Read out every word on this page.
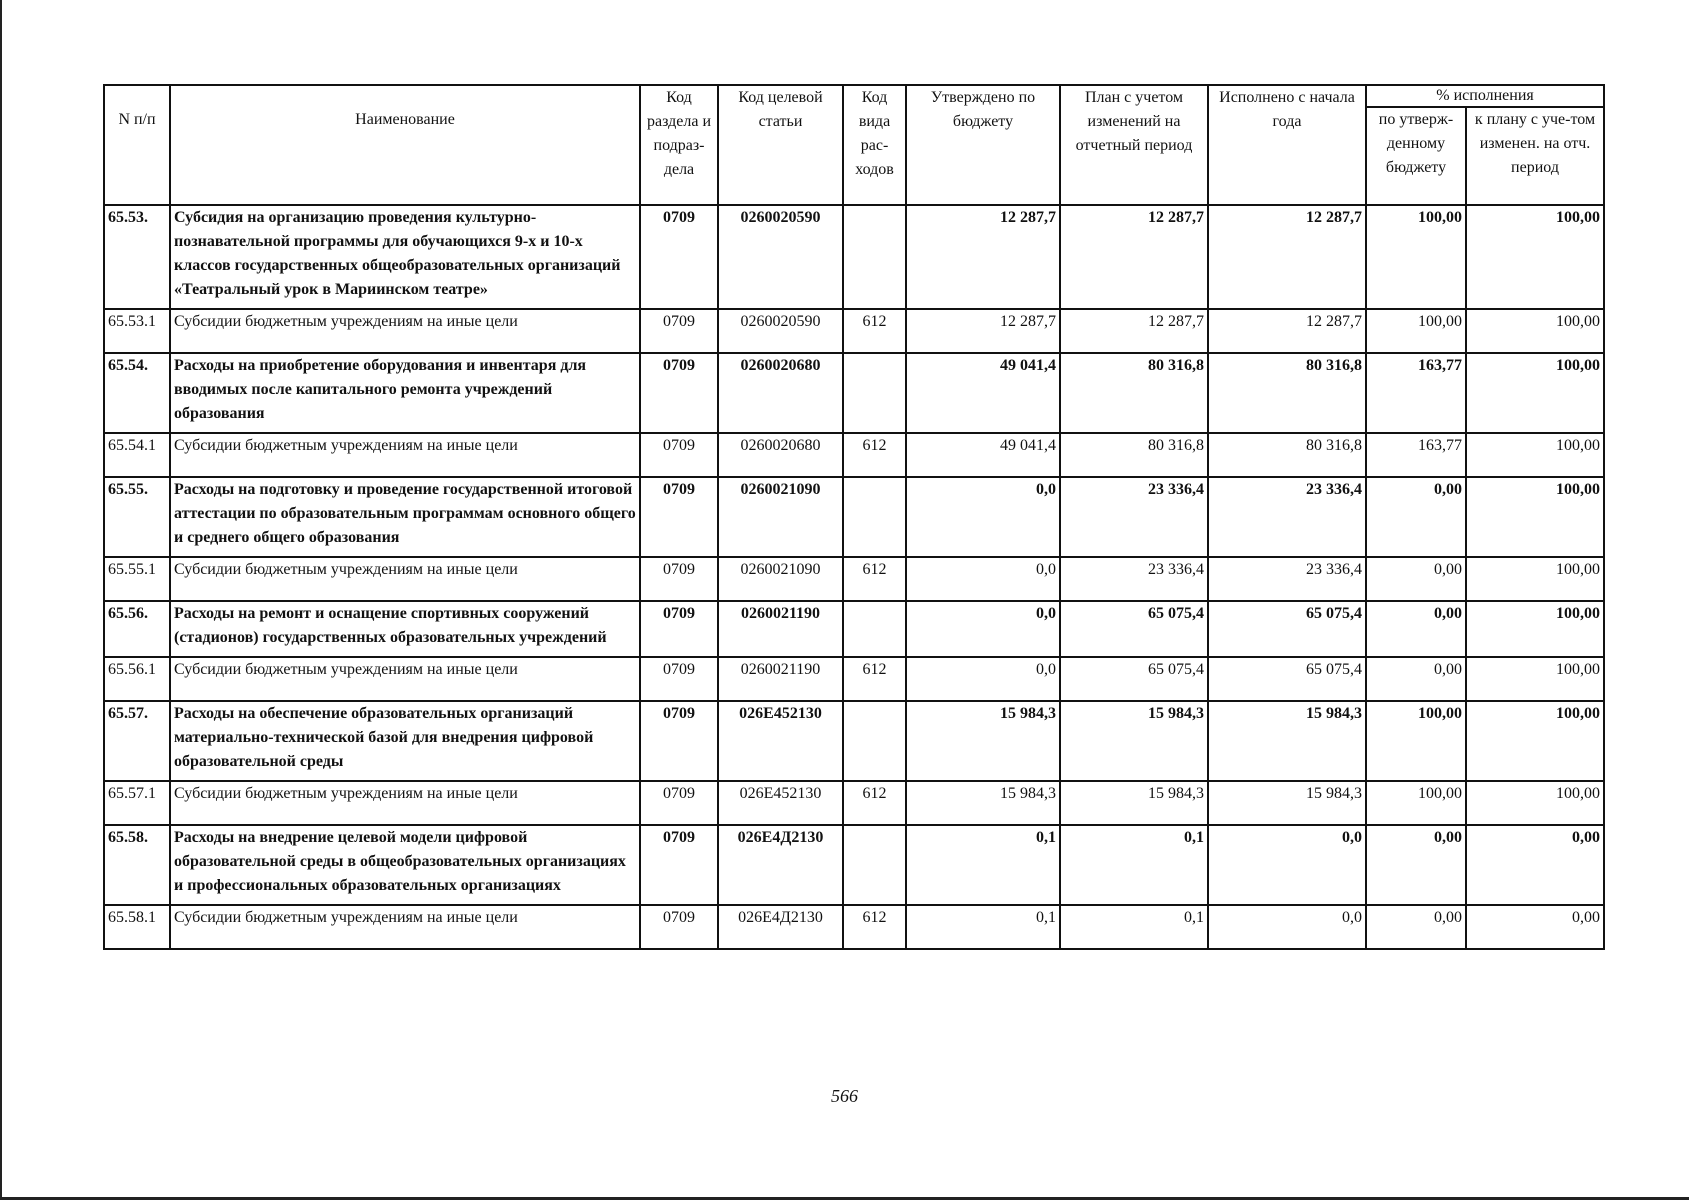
N п/п	Наименование	Код раздела и подраз-дела	Код целевой статьи	Код вида рас-ходов	Утверждено по бюджету	План с учетом изменений на отчетный период	Исполнено с начала года	% исполнения	
								по утверж-денному бюджету	к плану с уче-том изменен. на отч. период
65.53.	Субсидия на организацию проведения культурно-познавательной программы для обучающихся 9-х и 10-х классов государственных общеобразовательных организаций «Театральный урок в Мариинском театре»	0709	0260020590		12 287,7	12 287,7	12 287,7	100,00	100,00
65.53.1	Субсидии бюджетным учреждениям на иные цели	0709	0260020590	612	12 287,7	12 287,7	12 287,7	100,00	100,00
65.54.	Расходы на приобретение оборудования и инвентаря для вводимых после капитального ремонта учреждений образования	0709	0260020680		49 041,4	80 316,8	80 316,8	163,77	100,00
65.54.1	Субсидии бюджетным учреждениям на иные цели	0709	0260020680	612	49 041,4	80 316,8	80 316,8	163,77	100,00
65.55.	Расходы на подготовку и проведение государственной итоговой аттестации по образовательным программам основного общего и среднего общего образования	0709	0260021090		0,0	23 336,4	23 336,4	0,00	100,00
65.55.1	Субсидии бюджетным учреждениям на иные цели	0709	0260021090	612	0,0	23 336,4	23 336,4	0,00	100,00
65.56.	Расходы на ремонт и оснащение спортивных сооружений (стадионов) государственных образовательных учреждений	0709	0260021190		0,0	65 075,4	65 075,4	0,00	100,00
65.56.1	Субсидии бюджетным учреждениям на иные цели	0709	0260021190	612	0,0	65 075,4	65 075,4	0,00	100,00
65.57.	Расходы на обеспечение образовательных организаций материально-технической базой для внедрения цифровой образовательной среды	0709	026E452130		15 984,3	15 984,3	15 984,3	100,00	100,00
65.57.1	Субсидии бюджетным учреждениям на иные цели	0709	026E452130	612	15 984,3	15 984,3	15 984,3	100,00	100,00
65.58.	Расходы на внедрение целевой модели цифровой образовательной среды в общеобразовательных организациях и профессиональных образовательных организациях	0709	026E4Д2130		0,1	0,1	0,0	0,00	0,00
65.58.1	Субсидии бюджетным учреждениям на иные цели	0709	026E4Д2130	612	0,1	0,1	0,0	0,00	0,00
566
